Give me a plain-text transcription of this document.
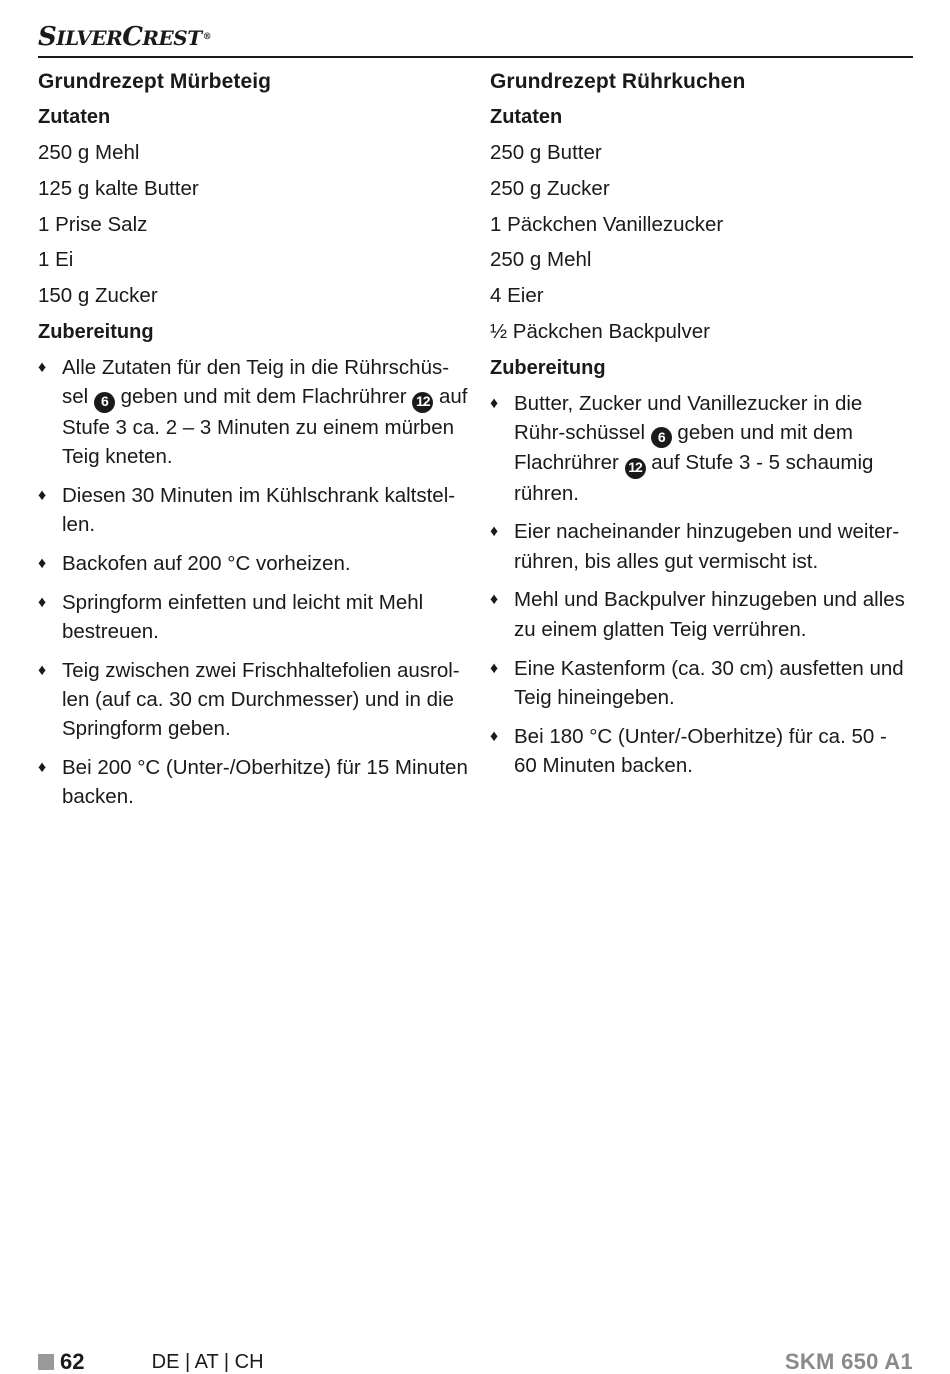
SILVERCREST®
Grundrezept Mürbeteig
Zutaten
250 g Mehl
125 g kalte Butter
1 Prise Salz
1 Ei
150 g Zucker
Zubereitung
♦ Alle Zutaten für den Teig in die Rührschüs-sel 6 geben und mit dem Flachrührer 12 auf Stufe 3 ca. 2 – 3 Minuten zu einem mürben Teig kneten.
♦ Diesen 30 Minuten im Kühlschrank kaltstel-len.
♦ Backofen auf 200 °C vorheizen.
♦ Springform einfetten und leicht mit Mehl bestreuen.
♦ Teig zwischen zwei Frischhaltefolien ausrol-len (auf ca. 30 cm Durchmesser) und in die Springform geben.
♦ Bei 200 °C (Unter-/Oberhitze) für 15 Minuten backen.
Grundrezept Rührkuchen
Zutaten
250 g Butter
250 g Zucker
1 Päckchen Vanillezucker
250 g Mehl
4 Eier
½ Päckchen Backpulver
Zubereitung
♦ Butter, Zucker und Vanillezucker in die Rühr-schüssel 6 geben und mit dem Flachrührer 12 auf Stufe 3 - 5 schaumig rühren.
♦ Eier nacheinander hinzugeben und weiter-rühren, bis alles gut vermischt ist.
♦ Mehl und Backpulver hinzugeben und alles zu einem glatten Teig verrühren.
♦ Eine Kastenform (ca. 30 cm) ausfetten und Teig hineingeben.
♦ Bei 180 °C (Unter/-Oberhitze) für ca. 50 - 60 Minuten backen.
62	DE | AT | CH	SKM 650 A1
